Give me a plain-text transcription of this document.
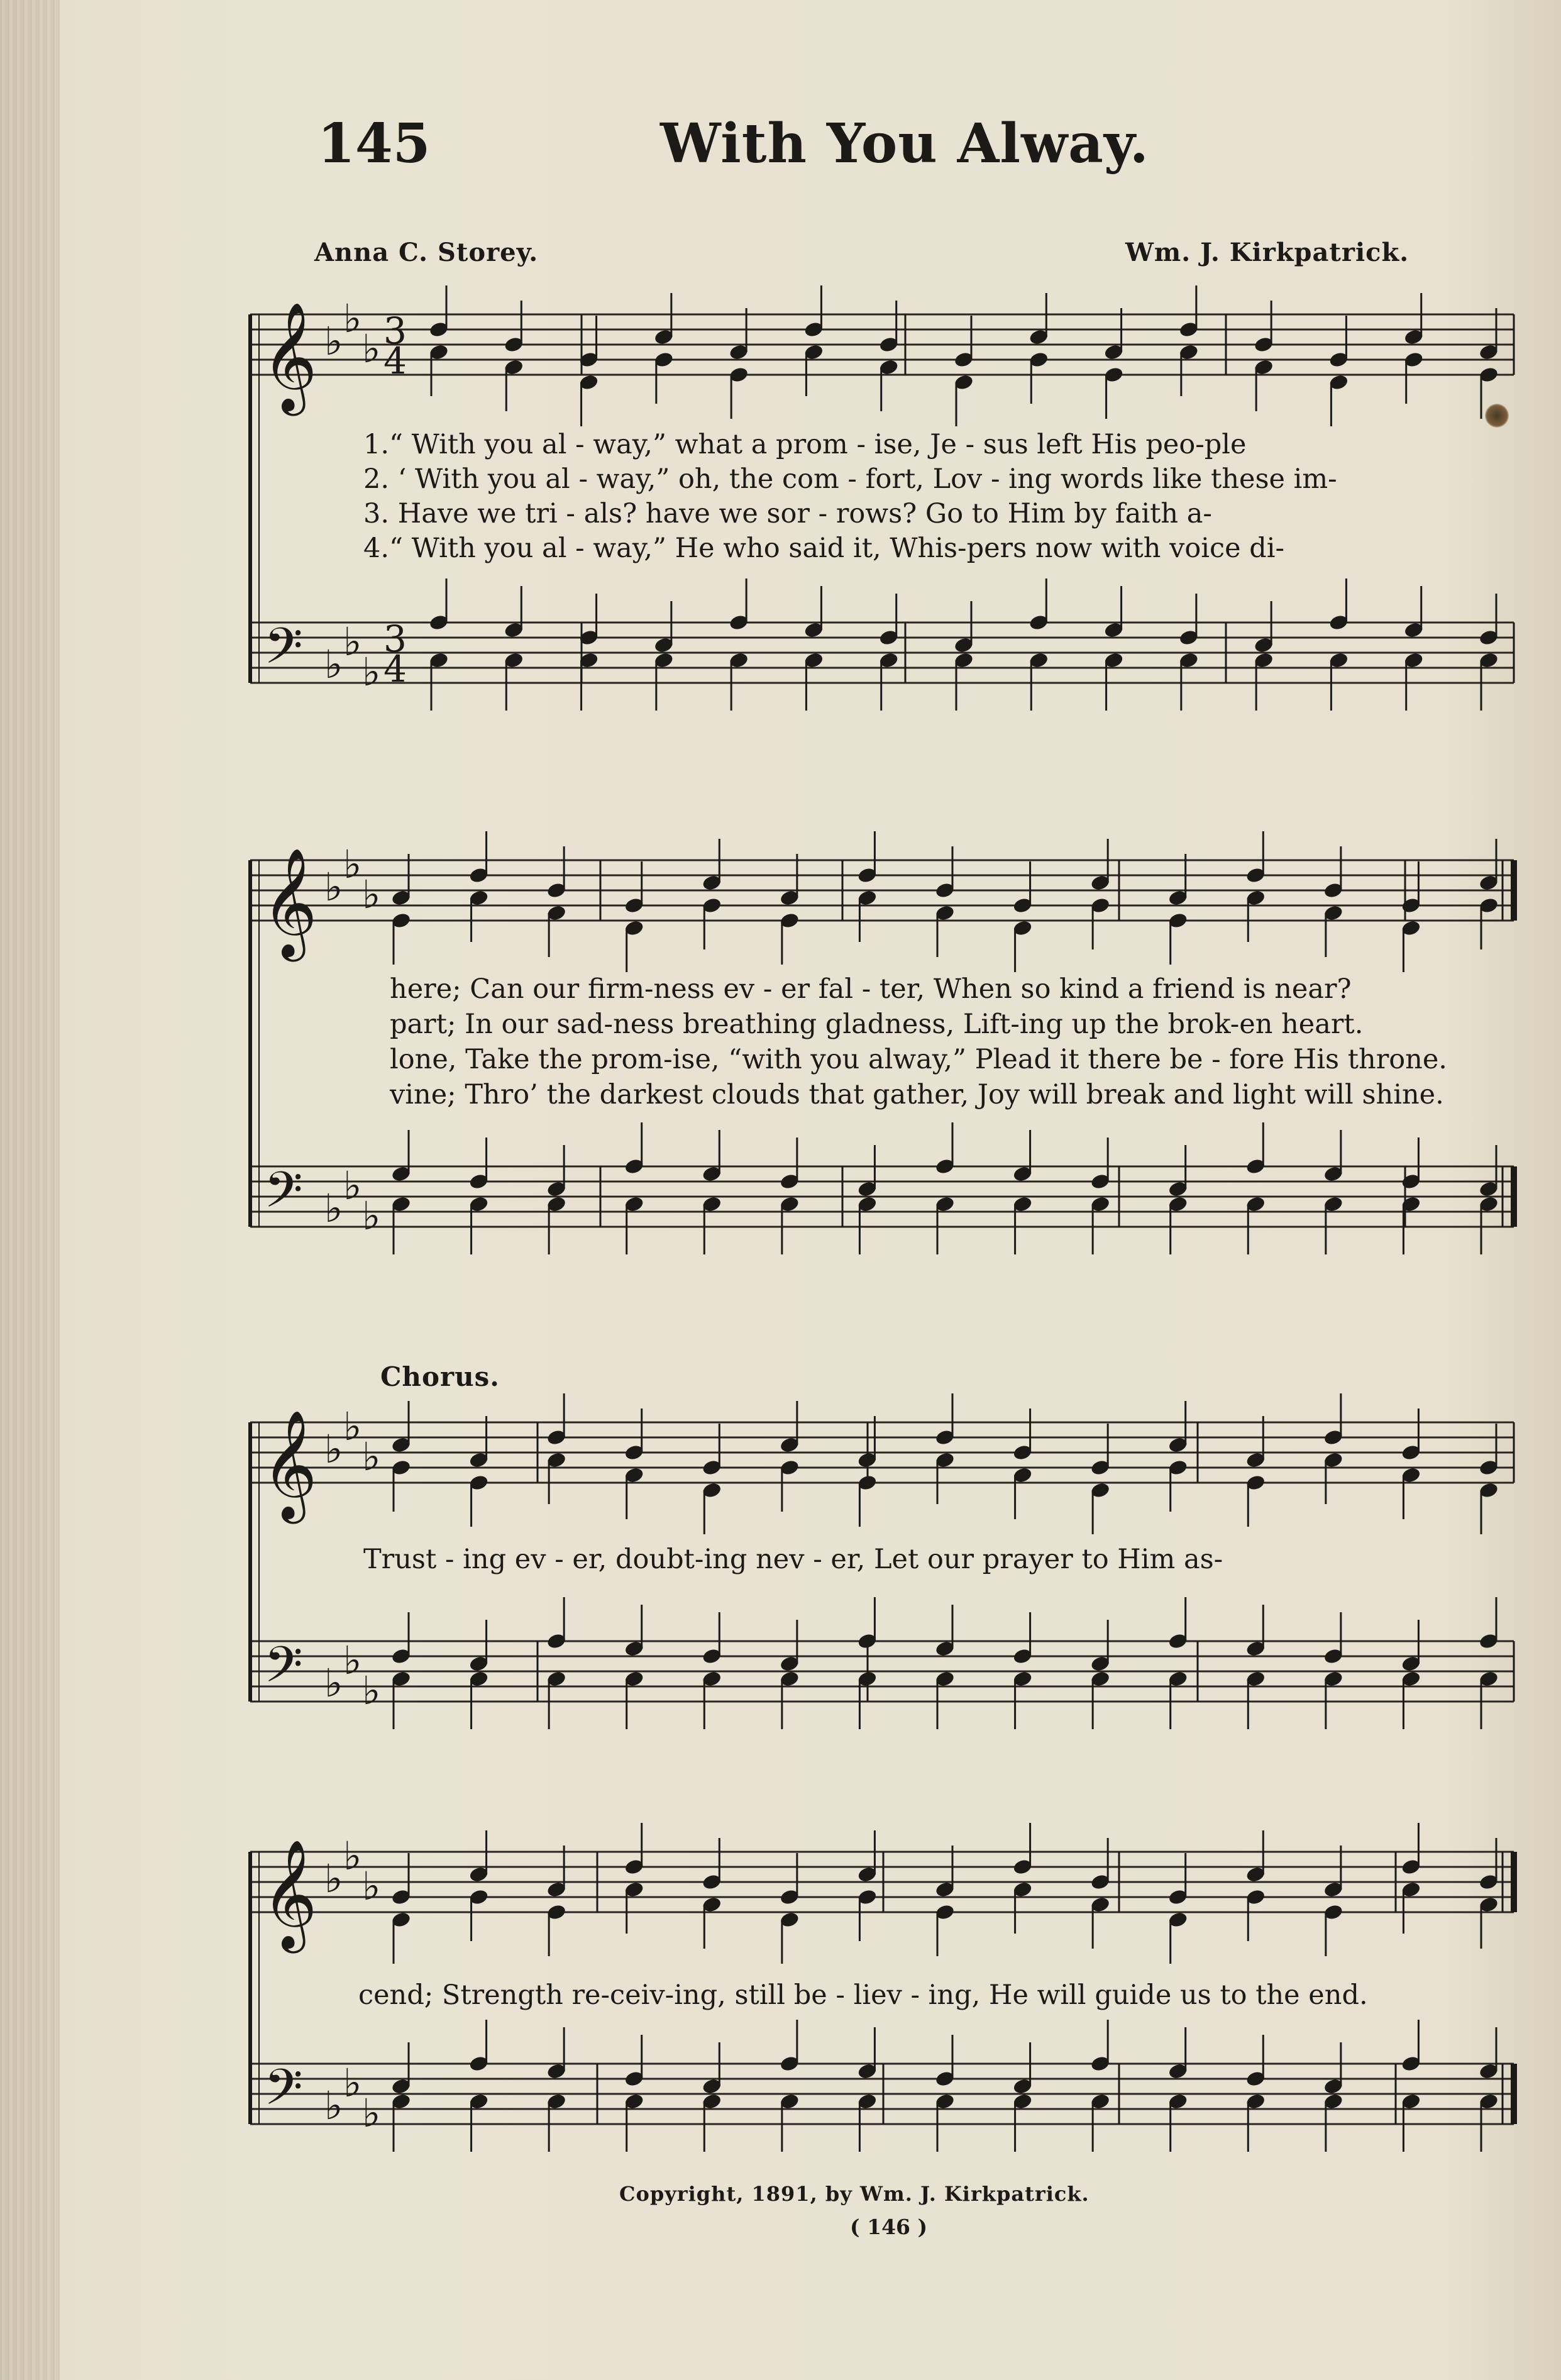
145	With You Alway.
Anna C. Storey.	Wm. J. Kirkpatrick.
1.“ With you al - way,” what a prom - ise, Je - sus left His peo-ple
2. ‘ With you al - way,” oh, the com - fort, Lov - ing words like these im-
3. Have we tri - als? have we sor - rows? Go to Him by faith a-
4.“ With you al - way,” He who said it, Whis-pers now with voice di-
here; Can our firm-ness ev - er fal - ter, When so kind a friend is near?
part; In our sad-ness breathing gladness, Lift-ing up the brok-en heart.
lone, Take the prom-ise, “with you alway,” Plead it there be - fore His throne.
vine; Thro’ the darkest clouds that gather, Joy will break and light will shine.
Chorus.
Trust - ing ev - er, doubt-ing nev - er, Let our prayer to Him as-
cend; Strength re-ceiv-ing, still be - liev - ing, He will guide us to the end.
Copyright, 1891, by Wm. J. Kirkpatrick.
( 146 )
𝄞
𝄢
♭ ♭
♭
♭ ♭
♭
3
4
3
4
𝄞
𝄢
♭ ♭
♭
♭ ♭
♭
𝄞
𝄢
♭ ♭
♭
♭ ♭
♭
𝄞
𝄢
♭ ♭
♭
♭ ♭
♭
